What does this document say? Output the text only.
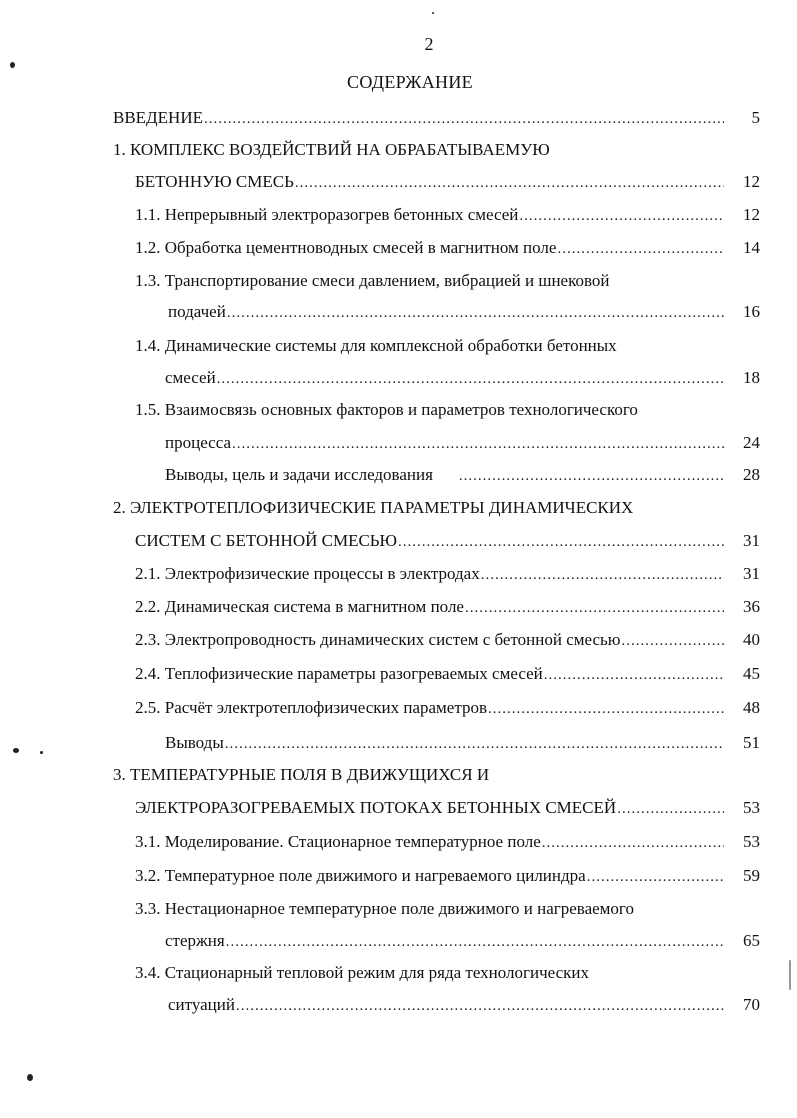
2
СОДЕРЖАНИЕ
ВВЕДЕНИЕ .....	5
1. КОМПЛЕКС ВОЗДЕЙСТВИЙ НА ОБРАБАТЫВАЕМУЮ
БЕТОННУЮ СМЕСЬ .....	12
1.1. Непрерывный электроразогрев бетонных смесей .....	12
1.2. Обработка цементноводных смесей в магнитном поле .....	14
1.3. Транспортирование смеси давлением, вибрацией и шнековой
подачей .....	16
1.4. Динамические системы для комплексной обработки бетонных
смесей .....	18
1.5. Взаимосвязь основных факторов и параметров технологического
процесса .....	24
Выводы, цель и задачи исследования .....	28
2. ЭЛЕКТРОТЕПЛОФИЗИЧЕСКИЕ ПАРАМЕТРЫ ДИНАМИЧЕСКИХ
СИСТЕМ С БЕТОННОЙ СМЕСЬЮ .....	31
2.1. Электрофизические процессы в электродах .....	31
2.2. Динамическая система в магнитном поле .....	36
2.3. Электропроводность динамических систем с бетонной смесью .....	40
2.4. Теплофизические параметры разогреваемых смесей .....	45
2.5. Расчёт электротеплофизических параметров .....	48
Выводы .....	51
3. ТЕМПЕРАТУРНЫЕ ПОЛЯ В ДВИЖУЩИХСЯ И
ЭЛЕКТРОРАЗОГРЕВАЕМЫХ ПОТОКАХ БЕТОННЫХ СМЕСЕЙ .....	53
3.1. Моделирование. Стационарное температурное поле .....	53
3.2. Температурное поле движимого и нагреваемого цилиндра .....	59
3.3. Нестационарное температурное поле движимого и нагреваемого
стержня .....	65
3.4. Стационарный тепловой режим для ряда технологических
ситуаций .....	70
